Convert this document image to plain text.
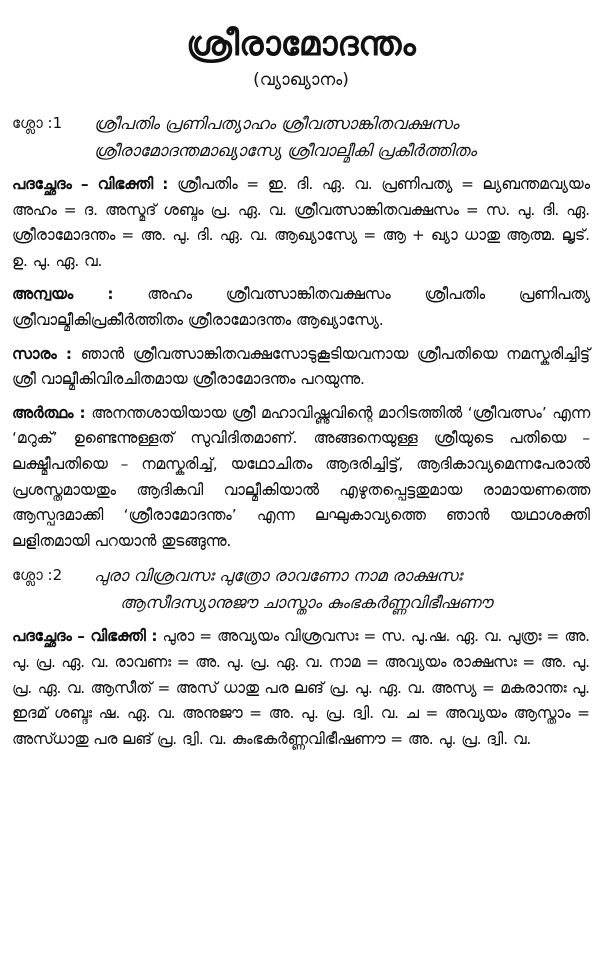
ശ്രീരാമോദന്തം
(വ്യാഖ്യാനം)
ശ്ലോ :1	ശ്രീപതിം പ്രണിപത്യാഹം ശ്രീവത്സാങ്കിതവക്ഷസം
ശ്രീരാമോദന്തമാഖ്യാസ്യേ ശ്രീവാല്മീകി പ്രകീർത്തിതം
പദച്ഛേദം – വിഭക്തി : ശ്രീപതിം = ഇ. ദി. ഏ. വ. പ്രണിപത്യ = ല്യബന്തമവ്യയം അഹം = ദ. അസ്മദ് ശബ്ദം പ്ര. ഏ. വ. ശ്രീവത്സാങ്കിതവക്ഷസം = സ. പു. ദി. ഏ. ശ്രീരാമോദന്തം = അ. പു. ദി. ഏ. വ. ആഖ്യാസ്യേ = ആ + ഖ്യാ ധാതു ആത്മ. ലൃട്. ഉ. പു. ഏ. വ.
അന്വയം : അഹം ശ്രീവത്സാങ്കിതവക്ഷസം ശ്രീപതിം പ്രണിപത്യ ശ്രീവാല്മീകിപ്രകീർത്തിതം ശ്രീരാമോദന്തം ആഖ്യാസ്യേ.
സാരം : ഞാൻ ശ്രീവത്സാങ്കിതവക്ഷസോടുകൂടിയവനായ ശ്രീപതിയെ നമസ്കരിച്ചിട്ട് ശ്രീ വാല്മീകിവിരചിതമായ ശ്രീരാമോദന്തം പറയുന്നു.
അർത്ഥം : അനന്തശായിയായ ശ്രീ മഹാവിഷ്ണുവിന്റെ മാറിടത്തിൽ ‘ശ്രീവത്സം’ എന്ന ‘മറുക്’ ഉണ്ടെന്നുള്ളത് സുവിദിതമാണ്. അങ്ങനെയുള്ള ശ്രീയുടെ പതിയെ – ലക്ഷ്മീപതിയെ – നമസ്കരിച്ച്, യഥോചിതം ആദരിച്ചിട്ട്, ആദികാവ്യമെന്നപേരാൽ പ്രശസ്തമായതും ആദികവി വാല്മീകിയാൽ എഴുതപ്പെട്ടതുമായ രാമായണത്തെ ആസ്പദമാക്കി ‘ശ്രീരാമോദന്തം’ എന്ന ലഘുകാവ്യത്തെ ഞാൻ യഥാശക്തി ലളിതമായി പറയാൻ തുടങ്ങുന്നു.
ശ്ലോ :2	പുരാ വിശ്രവസഃ പുത്രോ രാവണോ നാമ രാക്ഷസഃ
ആസീദസ്യാനുജൗ ചാസ്താം കുംഭകർണ്ണവിഭീഷണൗ
പദച്ഛേദം – വിഭക്തി : പുരാ = അവ്യയം വിശ്രവസഃ = സ. പു.ഷ. ഏ. വ. പുത്രഃ = അ. പു. പ്ര. ഏ. വ. രാവണഃ = അ. പു. പ്ര. ഏ. വ. നാമ = അവ്യയം രാക്ഷസഃ = അ. പു. പ്ര. ഏ. വ. ആസീത് = അസ് ധാതു പര ലങ് പ്ര. പു. ഏ. വ. അസ്യ = മകരാന്തഃ പു. ഇദമ് ശബ്ദഃ ഷ. ഏ. വ. അനുജൗ = അ. പു. പ്ര. ദ്വി. വ. ച = അവ്യയം ആസ്താം = അസ്ധാതു പര ലങ് പ്ര. ദ്വി. വ. കുംഭകർണ്ണവിഭീഷണൗ = അ. പു. പ്ര. ദ്വി. വ.
